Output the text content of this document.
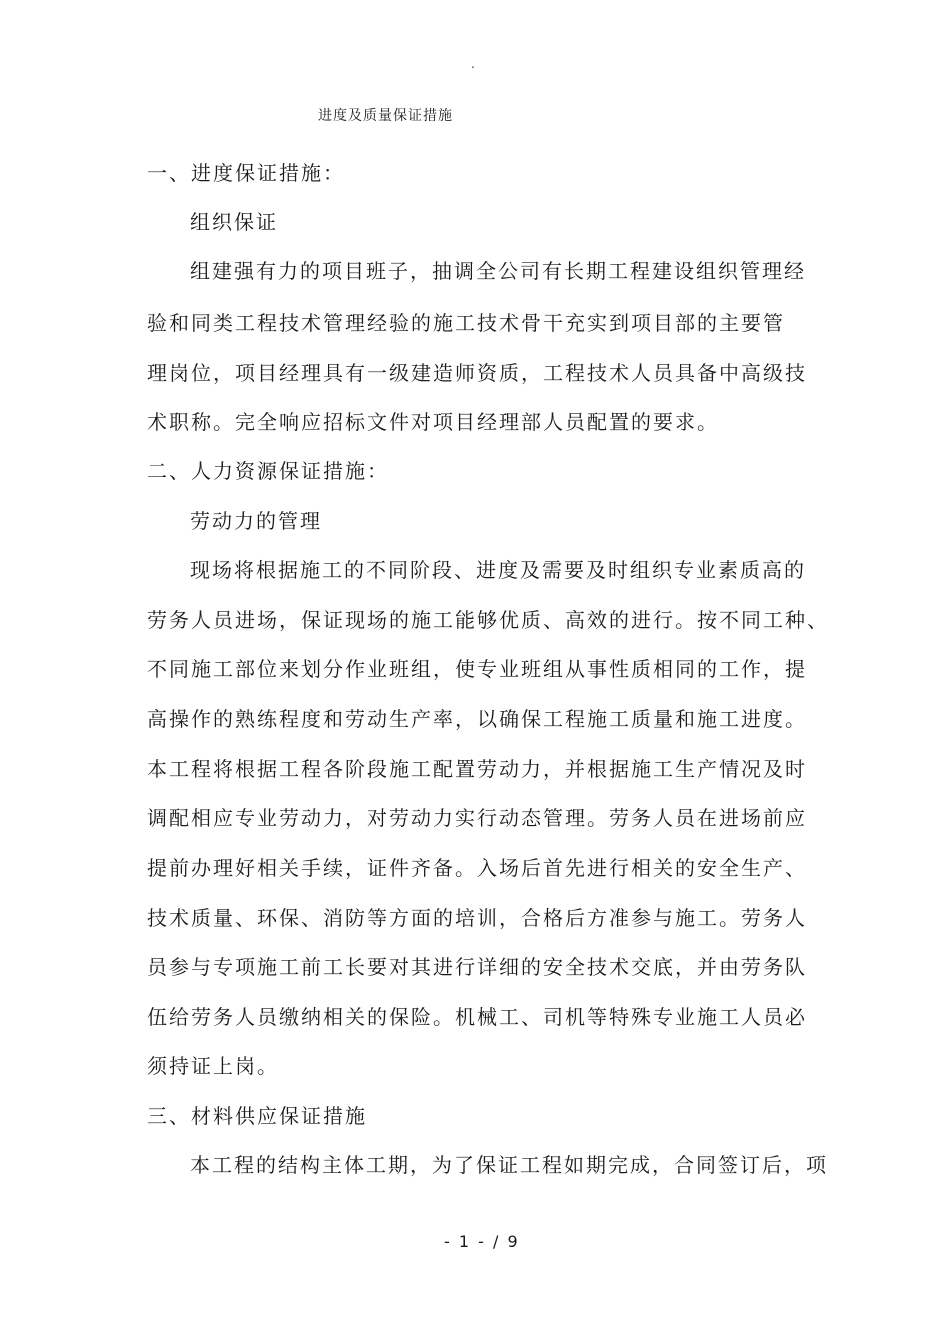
.
进度及质量保证措施
一、进度保证措施：
组织保证
组建强有力的项目班子，抽调全公司有长期工程建设组织管理经
验和同类工程技术管理经验的施工技术骨干充实到项目部的主要管
理岗位，项目经理具有一级建造师资质，工程技术人员具备中高级技
术职称。完全响应招标文件对项目经理部人员配置的要求。
二、人力资源保证措施：
劳动力的管理
现场将根据施工的不同阶段、进度及需要及时组织专业素质高的
劳务人员进场，保证现场的施工能够优质、高效的进行。按不同工种、
不同施工部位来划分作业班组，使专业班组从事性质相同的工作，提
高操作的熟练程度和劳动生产率，以确保工程施工质量和施工进度。
本工程将根据工程各阶段施工配置劳动力，并根据施工生产情况及时
调配相应专业劳动力，对劳动力实行动态管理。劳务人员在进场前应
提前办理好相关手续，证件齐备。入场后首先进行相关的安全生产、
技术质量、环保、消防等方面的培训，合格后方准参与施工。劳务人
员参与专项施工前工长要对其进行详细的安全技术交底，并由劳务队
伍给劳务人员缴纳相关的保险。机械工、司机等特殊专业施工人员必
须持证上岗。
三、材料供应保证措施
本工程的结构主体工期，为了保证工程如期完成，合同签订后，项
- 1 - / 9
